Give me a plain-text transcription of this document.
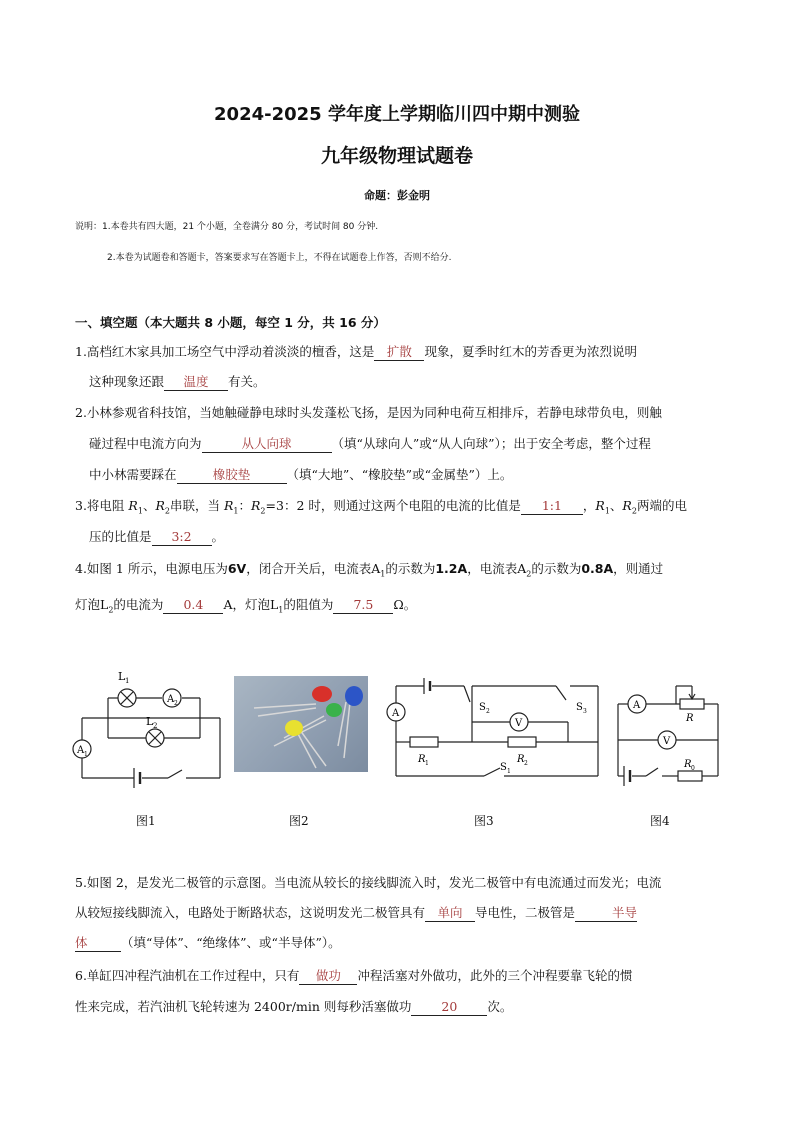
2024-2025 学年度上学期临川四中期中测验
九年级物理试题卷
命题：彭金明
说明：1.本卷共有四大题，21 个小题，全卷满分 80 分，考试时间 80 分钟.
2.本卷为试题卷和答题卡，答案要求写在答题卡上，不得在试题卷上作答，否则不给分.
一、填空题（本大题共 8 小题，每空 1 分，共 16 分）
1.高档红木家具加工场空气中浮动着淡淡的檀香，这是 扩散 现象，夏季时红木的芳香更为浓烈说明
这种现象还跟 温度 有关。
2.小林参观省科技馆，当她触碰静电球时头发蓬松飞扬，是因为同种电荷互相排斥，若静电球带负电，则触
碰过程中电流方向为	从人向球	（填“从球向人”或“从人向球”）；出于安全考虑，整个过程
中小林需要踩在	橡胶垫	（填“大地”、“橡胶垫”或“金属垫”）上。
3.将电阻 $R_1$、$R_2$串联，当 $R_1$：$R_2=3$：2 时，则通过这两个电阻的电流的比值是 1:1 ，$R_1$、$R_2$两端的电
压的比值是 3:2 。
4.如图 1 所示，电源电压为6V，闭合开关后，电流表$A_1$的示数为1.2A，电流表$A_2$的示数为0.8A，则通过
灯泡$L_2$的电流为 0.4 A，灯泡$L_1$的阻值为 7.5 Ω。
L 1
L 2
A 2
A 1
A
V
S 2	S 3
S 1
R 1	R 2
A
V
R
R 0
图1	图2	图3	图4
5.如图 2，是发光二极管的示意图。当电流从较长的接线脚流入时，发光二极管中有电流通过而发光；电流
从较短接线脚流入，电路处于断路状态，这说明发光二极管具有 单向 导电性，二极管是	半导
体	（填“导体”、“绝缘体”、或“半导体”）。
6.单缸四冲程汽油机在工作过程中，只有 做功 冲程活塞对外做功，此外的三个冲程要靠飞轮的惯
性来完成，若汽油机飞轮转速为 2400r/min 则每秒活塞做功 20 次。
